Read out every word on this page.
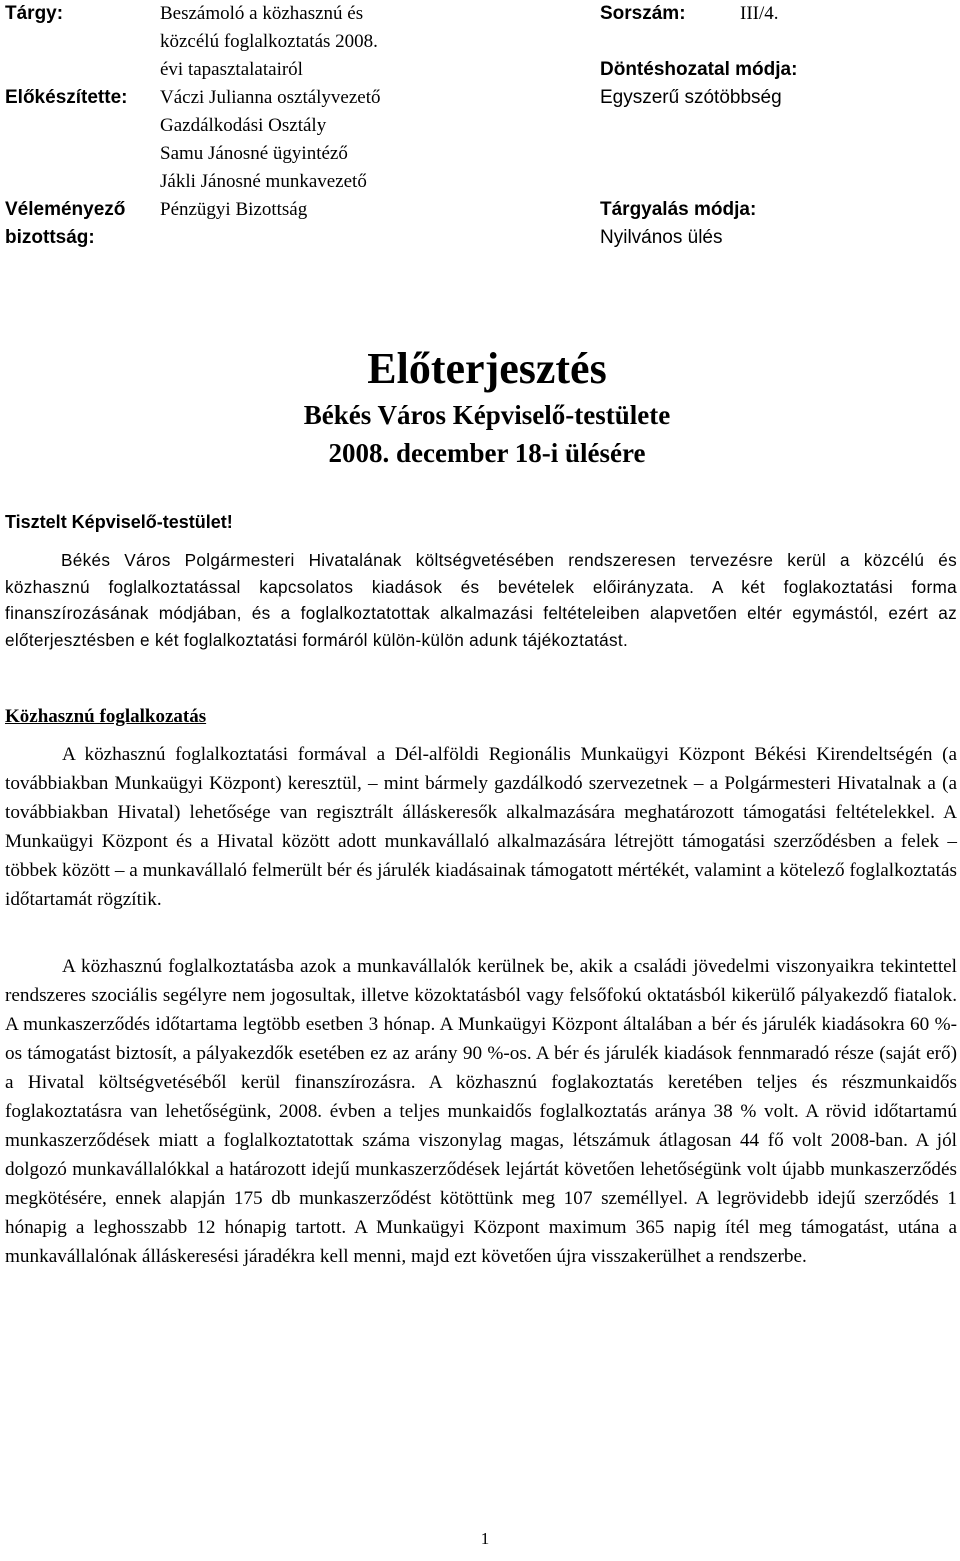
Tárgy:	Beszámoló a közhasznú és
közcélú foglalkoztatás 2008.
évi tapasztalatairól
Előkészítette: Váczi Julianna osztályvezető
Gazdálkodási Osztály
Samu Jánosné ügyintéző
Jákli Jánosné munkavezető
Véleményező
bizottság:
Pénzügyi Bizottság
Sorszám:	III/4.
Döntéshozatal módja:
Egyszerű szótöbbség
Tárgyalás módja:
Nyilvános ülés
Előterjesztés
Békés Város Képviselő-testülete
2008. december 18-i ülésére
Tisztelt Képviselő-testület!
Békés Város Polgármesteri Hivatalának költségvetésében rendszeresen tervezésre kerül a közcélú és közhasznú foglalkoztatással kapcsolatos kiadások és bevételek előirányzata. A két foglakoztatási forma finanszírozásának módjában, és a foglalkoztatottak alkalmazási feltételeiben alapvetően eltér egymástól, ezért az előterjesztésben e két foglalkoztatási formáról külön-külön adunk tájékoztatást.
Közhasznú foglalkozatás
A közhasznú foglalkoztatási formával a Dél-alföldi Regionális Munkaügyi Központ Békési Kirendeltségén (a továbbiakban Munkaügyi Központ) keresztül, – mint bármely gazdálkodó szervezetnek – a Polgármesteri Hivatalnak a (a továbbiakban Hivatal) lehetősége van regisztrált álláskeresők alkalmazására meghatározott támogatási feltételekkel. A Munkaügyi Központ és a Hivatal között adott munkavállaló alkalmazására létrejött támogatási szerződésben a felek – többek között – a munkavállaló felmerült bér és járulék kiadásainak támogatott mértékét, valamint a kötelező foglalkoztatás időtartamát rögzítik.
A közhasznú foglalkoztatásba azok a munkavállalók kerülnek be, akik a családi jövedelmi viszonyaikra tekintettel rendszeres szociális segélyre nem jogosultak, illetve közoktatásból vagy felsőfokú oktatásból kikerülő pályakezdő fiatalok. A munkaszerződés időtartama legtöbb esetben 3 hónap. A Munkaügyi Központ általában a bér és járulék kiadásokra 60 %-os támogatást biztosít, a pályakezdők esetében ez az arány 90 %-os. A bér és járulék kiadások fennmaradó része (saját erő) a Hivatal költségvetéséből kerül finanszírozásra. A közhasznú foglakoztatás keretében teljes és részmunkaidős foglakoztatásra van lehetőségünk, 2008. évben a teljes munkaidős foglalkoztatás aránya 38 % volt. A rövid időtartamú munkaszerződések miatt a foglalkoztatottak száma viszonylag magas, létszámuk átlagosan 44 fő volt 2008-ban. A jól dolgozó munkavállalókkal a határozott idejű munkaszerződések lejártát követően lehetőségünk volt újabb munkaszerződés megkötésére, ennek alapján 175 db munkaszerződést kötöttünk meg 107 személlyel. A legrövidebb idejű szerződés 1 hónapig a leghosszabb 12 hónapig tartott. A Munkaügyi Központ maximum 365 napig ítél meg támogatást, utána a munkavállalónak álláskeresési járadékra kell menni, majd ezt követően újra visszakerülhet a rendszerbe.
1
